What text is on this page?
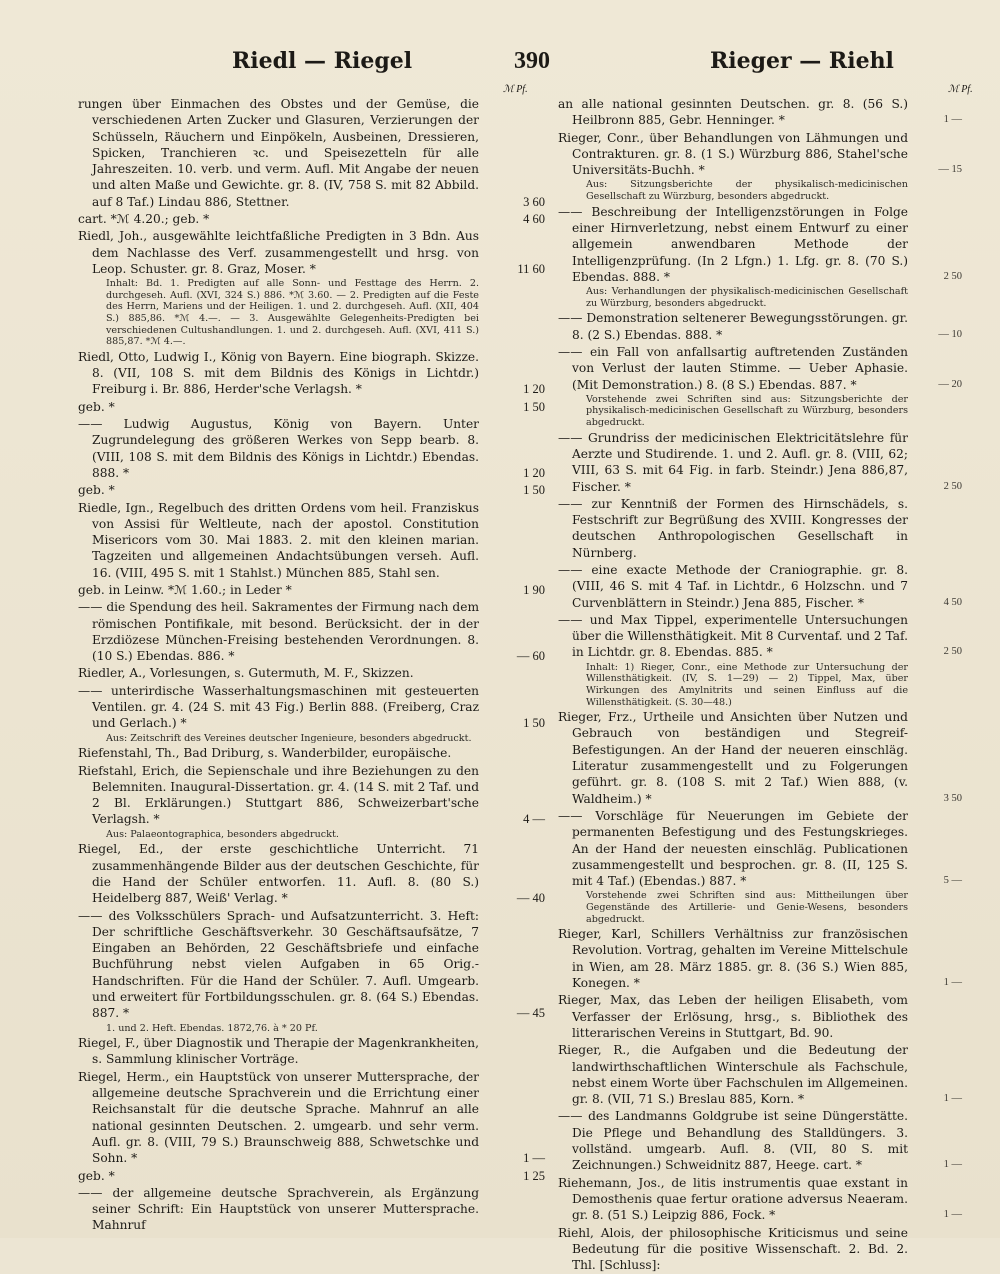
Riedl — Riegel	390	Rieger — Riehl
ℳ Pf.	ℳ Pf.
rungen über Einmachen des Obstes und der Gemüse, die verschiedenen Arten Zucker und Glasuren, Verzierungen der Schüsseln, Räuchern und Einpökeln, Ausbeinen, Dressieren, Spicken, Tranchieren ꝛc. und Speisezetteln für alle Jahreszeiten. 10. verb. und verm. Aufl. Mit Angabe der neuen und alten Maße und Gewichte. gr. 8. (IV, 758 S. mit 82 Abbild. auf 8 Taf.) Lindau 886, Stettner.	3 60
cart. *ℳ 4.20.; geb. *	4 60
Riedl, Joh., ausgewählte leichtfaßliche Predigten in 3 Bdn. Aus dem Nachlasse des Verf. zusammengestellt und hrsg. von Leop. Schuster. gr. 8. Graz, Moser. *	11 60
Inhalt: Bd. 1. Predigten auf alle Sonn- und Festtage des Herrn. 2. durchgeseh. Aufl. (XVI, 324 S.) 886. *ℳ 3.60. — 2. Predigten auf die Feste des Herrn, Mariens und der Heiligen. 1. und 2. durchgeseh. Aufl. (XII, 404 S.) 885,86. *ℳ 4.—. — 3. Ausgewählte Gelegenheits-Predigten bei verschiedenen Cultushandlungen. 1. und 2. durchgeseh. Aufl. (XVI, 411 S.) 885,87. *ℳ 4.—.
Riedl, Otto, Ludwig I., König von Bayern. Eine biograph. Skizze. 8. (VII, 108 S. mit dem Bildnis des Königs in Lichtdr.) Freiburg i. Br. 886, Herder'sche Verlagsh. *	1 20
geb. *	1 50
—— Ludwig Augustus, König von Bayern. Unter Zugrundelegung des größeren Werkes von Sepp bearb. 8. (VIII, 108 S. mit dem Bildnis des Königs in Lichtdr.) Ebendas. 888. *	1 20
geb. *	1 50
Riedle, Ign., Regelbuch des dritten Ordens vom heil. Franziskus von Assisi für Weltleute, nach der apostol. Constitution Misericors vom 30. Mai 1883. 2. mit den kleinen marian. Tagzeiten und allgemeinen Andachtsübungen verseh. Aufl. 16. (VIII, 495 S. mit 1 Stahlst.) München 885, Stahl sen.
geb. in Leinw. *ℳ 1.60.; in Leder *	1 90
—— die Spendung des heil. Sakramentes der Firmung nach dem römischen Pontifikale, mit besond. Berücksicht. der in der Erzdiözese München-Freising bestehenden Verordnungen. 8. (10 S.) Ebendas. 886. *	— 60
Riedler, A., Vorlesungen, s. Gutermuth, M. F., Skizzen.
—— unterirdische Wasserhaltungsmaschinen mit gesteuerten Ventilen. gr. 4. (24 S. mit 43 Fig.) Berlin 888. (Freiberg, Craz und Gerlach.) *	1 50
Aus: Zeitschrift des Vereines deutscher Ingenieure, besonders abgedruckt.
Riefenstahl, Th., Bad Driburg, s. Wanderbilder, europäische.
Riefstahl, Erich, die Sepienschale und ihre Beziehungen zu den Belemniten. Inaugural-Dissertation. gr. 4. (14 S. mit 2 Taf. und 2 Bl. Erklärungen.) Stuttgart 886, Schweizerbart'sche Verlagsh. *	4 —
Aus: Palaeontographica, besonders abgedruckt.
Riegel, Ed., der erste geschichtliche Unterricht. 71 zusammenhängende Bilder aus der deutschen Geschichte, für die Hand der Schüler entworfen. 11. Aufl. 8. (80 S.) Heidelberg 887, Weiß' Verlag. *	— 40
—— des Volksschülers Sprach- und Aufsatzunterricht. 3. Heft: Der schriftliche Geschäftsverkehr. 30 Geschäftsaufsätze, 7 Eingaben an Behörden, 22 Geschäftsbriefe und einfache Buchführung nebst vielen Aufgaben in 65 Orig.-Handschriften. Für die Hand der Schüler. 7. Aufl. Umgearb. und erweitert für Fortbildungsschulen. gr. 8. (64 S.) Ebendas. 887. *	— 45
1. und 2. Heft. Ebendas. 1872,76. à * 20 Pf.
Riegel, F., über Diagnostik und Therapie der Magenkrankheiten, s. Sammlung klinischer Vorträge.
Riegel, Herm., ein Hauptstück von unserer Muttersprache, der allgemeine deutsche Sprachverein und die Errichtung einer Reichsanstalt für die deutsche Sprache. Mahnruf an alle national gesinnten Deutschen. 2. umgearb. und sehr verm. Aufl. gr. 8. (VIII, 79 S.) Braunschweig 888, Schwetschke und Sohn. *	1 —
geb. *	1 25
—— der allgemeine deutsche Sprachverein, als Ergänzung seiner Schrift: Ein Hauptstück von unserer Muttersprache. Mahnruf
an alle national gesinnten Deutschen. gr. 8. (56 S.) Heilbronn 885, Gebr. Henninger. *	1 —
Rieger, Conr., über Behandlungen von Lähmungen und Contrakturen. gr. 8. (1 S.) Würzburg 886, Stahel'sche Universitäts-Buchh. *	— 15
Aus: Sitzungsberichte der physikalisch-medicinischen Gesellschaft zu Würzburg, besonders abgedruckt.
—— Beschreibung der Intelligenzstörungen in Folge einer Hirnverletzung, nebst einem Entwurf zu einer allgemein anwendbaren Methode der Intelligenzprüfung. (In 2 Lfgn.) 1. Lfg. gr. 8. (70 S.) Ebendas. 888. *	2 50
Aus: Verhandlungen der physikalisch-medicinischen Gesellschaft zu Würzburg, besonders abgedruckt.
—— Demonstration seltenerer Bewegungsstörungen. gr. 8. (2 S.) Ebendas. 888. *	— 10
—— ein Fall von anfallsartig auftretenden Zuständen von Verlust der lauten Stimme. — Ueber Aphasie. (Mit Demonstration.) 8. (8 S.) Ebendas. 887. *	— 20
Vorstehende zwei Schriften sind aus: Sitzungsberichte der physikalisch-medicinischen Gesellschaft zu Würzburg, besonders abgedruckt.
—— Grundriss der medicinischen Elektricitätslehre für Aerzte und Studirende. 1. und 2. Aufl. gr. 8. (VIII, 62; VIII, 63 S. mit 64 Fig. in farb. Steindr.) Jena 886,87, Fischer. *	2 50
—— zur Kenntniß der Formen des Hirnschädels, s. Festschrift zur Begrüßung des XVIII. Kongresses der deutschen Anthropologischen Gesellschaft in Nürnberg.
—— eine exacte Methode der Craniographie. gr. 8. (VIII, 46 S. mit 4 Taf. in Lichtdr., 6 Holzschn. und 7 Curvenblättern in Steindr.) Jena 885, Fischer. *	4 50
—— und Max Tippel, experimentelle Untersuchungen über die Willensthätigkeit. Mit 8 Curventaf. und 2 Taf. in Lichtdr. gr. 8. Ebendas. 885. *	2 50
Inhalt: 1) Rieger, Conr., eine Methode zur Untersuchung der Willensthätigkeit. (IV, S. 1—29) — 2) Tippel, Max, über Wirkungen des Amylnitrits und seinen Einfluss auf die Willensthätigkeit. (S. 30—48.)
Rieger, Frz., Urtheile und Ansichten über Nutzen und Gebrauch von beständigen und Stegreif-Befestigungen. An der Hand der neueren einschläg. Literatur zusammengestellt und zu Folgerungen geführt. gr. 8. (108 S. mit 2 Taf.) Wien 888, (v. Waldheim.) *	3 50
—— Vorschläge für Neuerungen im Gebiete der permanenten Befestigung und des Festungskrieges. An der Hand der neuesten einschläg. Publicationen zusammengestellt und besprochen. gr. 8. (II, 125 S. mit 4 Taf.) (Ebendas.) 887. *	5 —
Vorstehende zwei Schriften sind aus: Mittheilungen über Gegenstände des Artillerie- und Genie-Wesens, besonders abgedruckt.
Rieger, Karl, Schillers Verhältniss zur französischen Revolution. Vortrag, gehalten im Vereine Mittelschule in Wien, am 28. März 1885. gr. 8. (36 S.) Wien 885, Konegen. *	1 —
Rieger, Max, das Leben der heiligen Elisabeth, vom Verfasser der Erlösung, hrsg., s. Bibliothek des litterarischen Vereins in Stuttgart, Bd. 90.
Rieger, R., die Aufgaben und die Bedeutung der landwirthschaftlichen Winterschule als Fachschule, nebst einem Worte über Fachschulen im Allgemeinen. gr. 8. (VII, 71 S.) Breslau 885, Korn. *	1 —
—— des Landmanns Goldgrube ist seine Düngerstätte. Die Pflege und Behandlung des Stalldüngers. 3. vollständ. umgearb. Aufl. 8. (VII, 80 S. mit Zeichnungen.) Schweidnitz 887, Heege. cart. *	1 —
Riehemann, Jos., de litis instrumentis quae exstant in Demosthenis quae fertur oratione adversus Neaeram. gr. 8. (51 S.) Leipzig 886, Fock. *	1 —
Riehl, Alois, der philosophische Kriticismus und seine Bedeutung für die positive Wissenschaft. 2. Bd. 2. Thl. [Schluss]:
